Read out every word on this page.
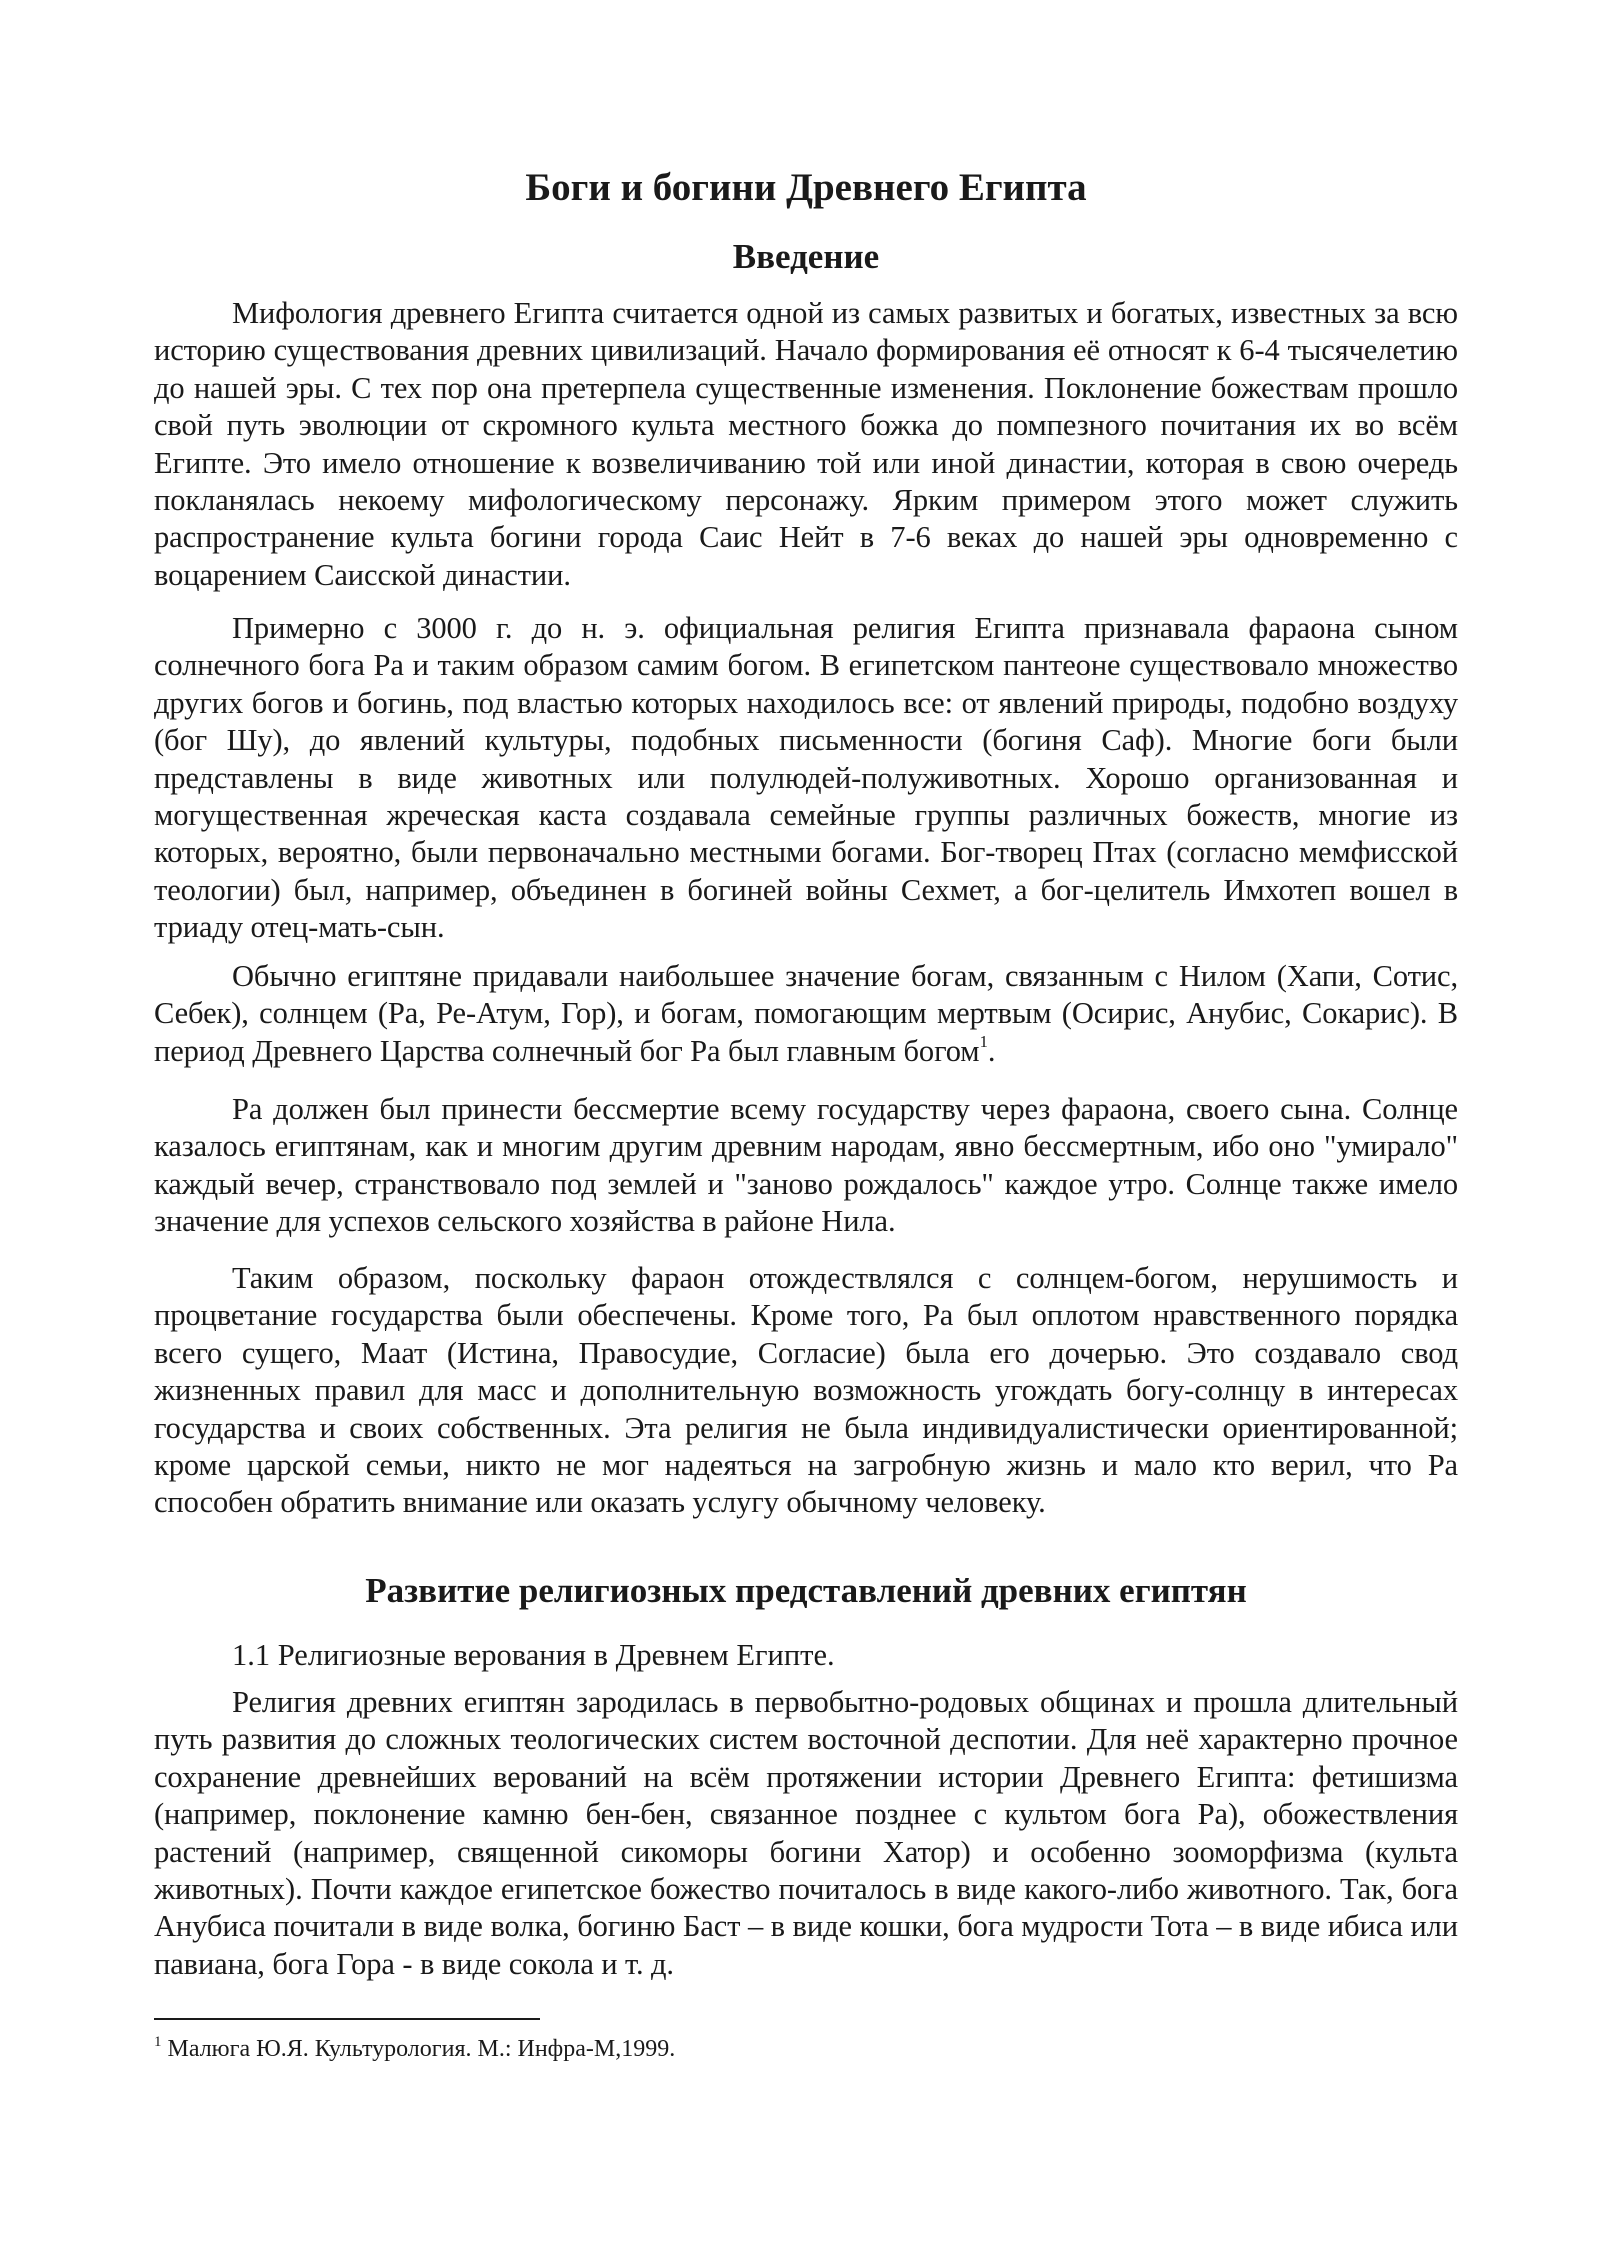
Боги и богини Древнего Египта
Введение

Мифология древнего Египта считается одной из самых развитых и богатых, известных за всю историю существования древних цивилизаций. Начало формирования её относят к 6-4 тысячелетию до нашей эры. С тех пор она претерпела существенные изменения. Поклонение божествам прошло свой путь эволюции от скромного культа местного божка до помпезного почитания их во всём Египте. Это имело отношение к возвеличиванию той или иной династии, которая в свою очередь покланялась некоему мифологическому персонажу. Ярким примером этого может служить распространение культа богини города Саис Нейт в 7-6 веках до нашей эры одновременно с воцарением Саисской династии.

Примерно с 3000 г. до н. э. официальная религия Египта признавала фараона сыном солнечного бога Ра и таким образом самим богом. В египетском пантеоне существовало множество других богов и богинь, под властью которых находилось все: от явлений природы, подобно воздуху (бог Шу), до явлений культуры, подобных письменности (богиня Саф). Многие боги были представлены в виде животных или полулюдей-полуживотных. Хорошо организованная и могущественная жреческая каста создавала семейные группы различных божеств, многие из которых, вероятно, были первоначально местными богами. Бог-творец Птах (согласно мемфисской теологии) был, например, объединен в богиней войны Сехмет, а бог-целитель Имхотеп вошел в триаду отец-мать-сын.

Обычно египтяне придавали наибольшее значение богам, связанным с Нилом (Хапи, Сотис, Себек), солнцем (Ра, Ре-Атум, Гор), и богам, помогающим мертвым (Осирис, Анубис, Сокарис). В период Древнего Царства солнечный бог Ра был главным богом$^1$.

Ра должен был принести бессмертие всему государству через фараона, своего сына. Солнце казалось египтянам, как и многим другим древним народам, явно бессмертным, ибо оно "умирало" каждый вечер, странствовало под землей и "заново рождалось" каждое утро. Солнце также имело значение для успехов сельского хозяйства в районе Нила.

Таким образом, поскольку фараон отождествлялся с солнцем-богом, нерушимость и процветание государства были обеспечены. Кроме того, Ра был оплотом нравственного порядка всего сущего, Маат (Истина, Правосудие, Согласие) была его дочерью. Это создавало свод жизненных правил для масс и дополнительную возможность угождать богу-солнцу в интересах государства и своих собственных. Эта религия не была индивидуалистически ориентированной; кроме царской семьи, никто не мог надеяться на загробную жизнь и мало кто верил, что Ра способен обратить внимание или оказать услугу обычному человеку.

Развитие религиозных представлений древних египтян

1.1 Религиозные верования в Древнем Египте.

Религия древних египтян зародилась в первобытно-родовых общинах и прошла длительный путь развития до сложных теологических систем восточной деспотии. Для неё характерно прочное сохранение древнейших верований на всём протяжении истории Древнего Египта: фетишизма (например, поклонение камню бен-бен, связанное позднее с культом бога Ра), обожествления растений (например, священной сикоморы богини Хатор) и особенно зооморфизма (культа животных). Почти каждое египетское божество почиталось в виде какого-либо животного. Так, бога Анубиса почитали в виде волка, богиню Баст – в виде кошки, бога мудрости Тота – в виде ибиса или павиана, бога Гора - в виде сокола и т. д.

$^1$ Малюга Ю.Я. Культурология. М.: Инфра-М,1999.
